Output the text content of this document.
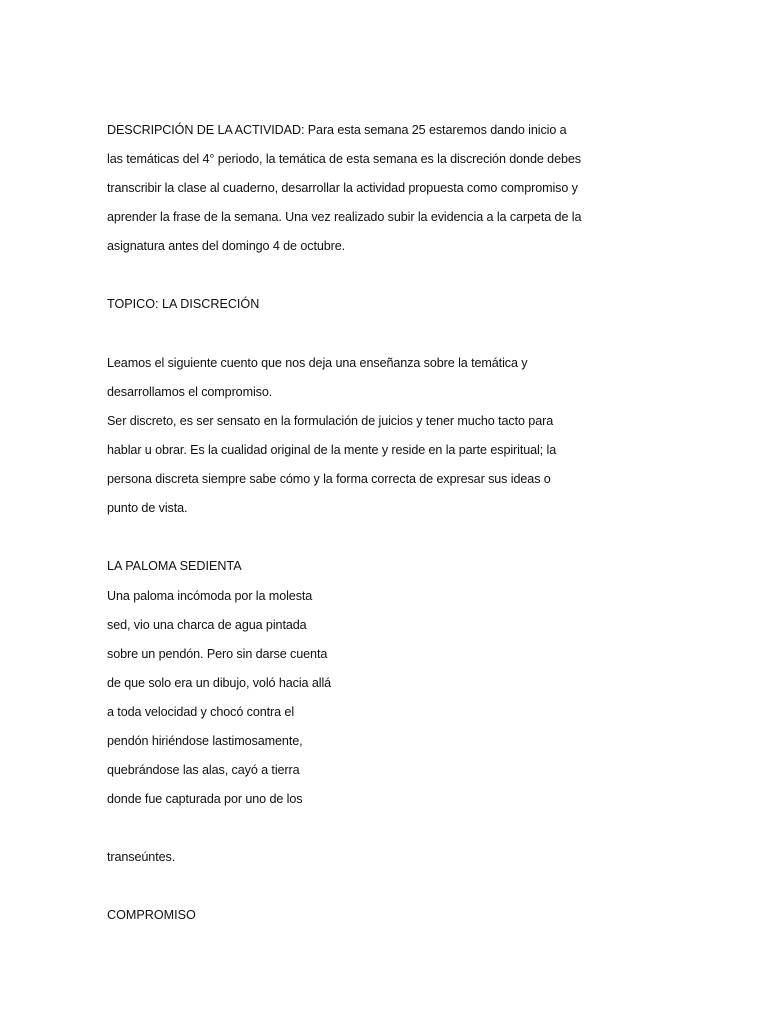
DESCRIPCIÓN DE LA ACTIVIDAD: Para esta semana 25 estaremos dando inicio a
las temáticas del 4° periodo, la temática de esta semana es la discreción donde debes
transcribir la clase al cuaderno, desarrollar la actividad propuesta como compromiso y
aprender la frase de la semana. Una vez realizado subir la evidencia a la carpeta de la
asignatura antes del domingo 4 de octubre.
TOPICO: LA DISCRECIÓN
Leamos el siguiente cuento que nos deja una enseñanza sobre la temática y
desarrollamos el compromiso.
Ser discreto, es ser sensato en la formulación de juicios y tener mucho tacto para
hablar u obrar. Es la cualidad original de la mente y reside en la parte espiritual; la
persona discreta siempre sabe cómo y la forma correcta de expresar sus ideas o
punto de vista.
LA PALOMA SEDIENTA
Una paloma incómoda por la molesta
sed, vio una charca de agua pintada
sobre un pendón. Pero sin darse cuenta
de que solo era un dibujo, voló hacia allá
a toda velocidad y chocó contra el
pendón hiriéndose lastimosamente,
quebrándose las alas, cayó a tierra
donde fue capturada por uno de los
transeúntes.
COMPROMISO
